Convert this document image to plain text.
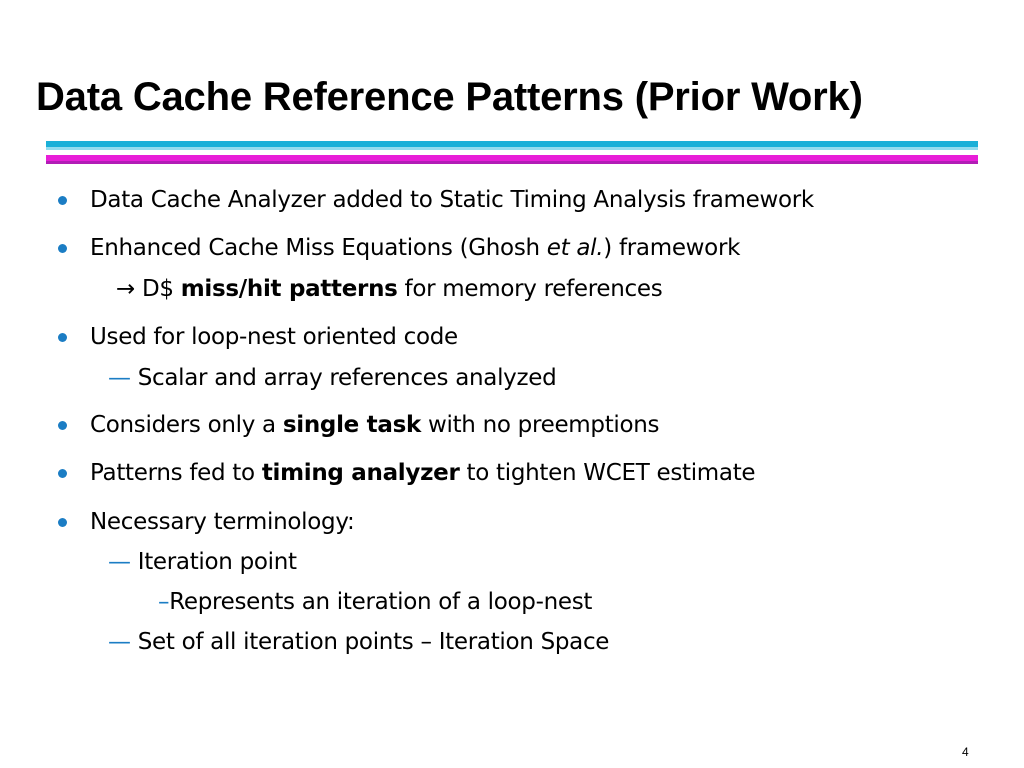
Data Cache Reference Patterns (Prior Work)
Data Cache Analyzer added to Static Timing Analysis framework
Enhanced Cache Miss Equations (Ghosh et al.) framework
→ D$ miss/hit patterns for memory references
Used for loop-nest oriented code
— Scalar and array references analyzed
Considers only a single task with no preemptions
Patterns fed to timing analyzer to tighten WCET estimate
Necessary terminology:
— Iteration point
–Represents an iteration of a loop-nest
— Set of all iteration points – Iteration Space
4
